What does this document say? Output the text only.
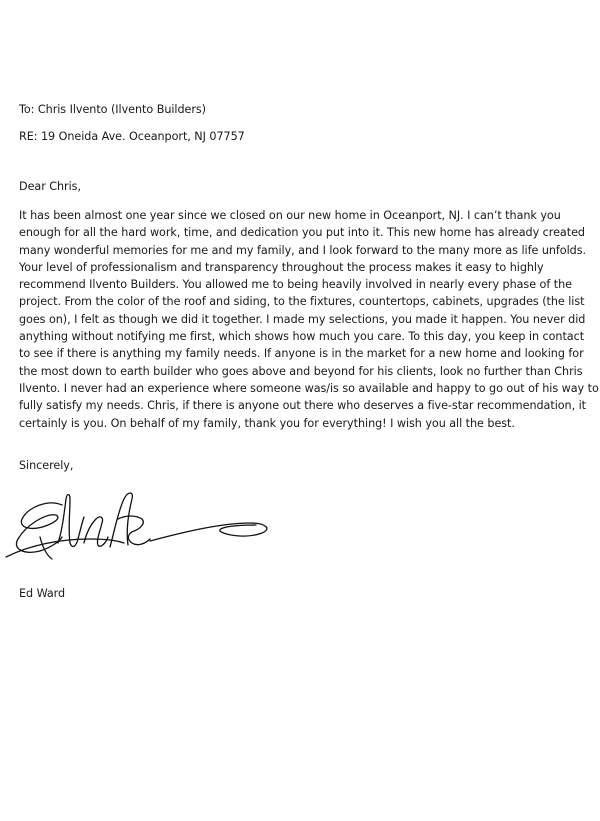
To: Chris Ilvento (Ilvento Builders)
RE: 19 Oneida Ave. Oceanport, NJ 07757
Dear Chris,
It has been almost one year since we closed on our new home in Oceanport, NJ. I can’t thank you
enough for all the hard work, time, and dedication you put into it. This new home has already created
many wonderful memories for me and my family, and I look forward to the many more as life unfolds.
Your level of professionalism and transparency throughout the process makes it easy to highly
recommend Ilvento Builders. You allowed me to being heavily involved in nearly every phase of the
project. From the color of the roof and siding, to the fixtures, countertops, cabinets, upgrades (the list
goes on), I felt as though we did it together. I made my selections, you made it happen. You never did
anything without notifying me first, which shows how much you care. To this day, you keep in contact
to see if there is anything my family needs. If anyone is in the market for a new home and looking for
the most down to earth builder who goes above and beyond for his clients, look no further than Chris
Ilvento. I never had an experience where someone was/is so available and happy to go out of his way to
fully satisfy my needs. Chris, if there is anyone out there who deserves a five-star recommendation, it
certainly is you. On behalf of my family, thank you for everything! I wish you all the best.
Sincerely,
Ed Ward
